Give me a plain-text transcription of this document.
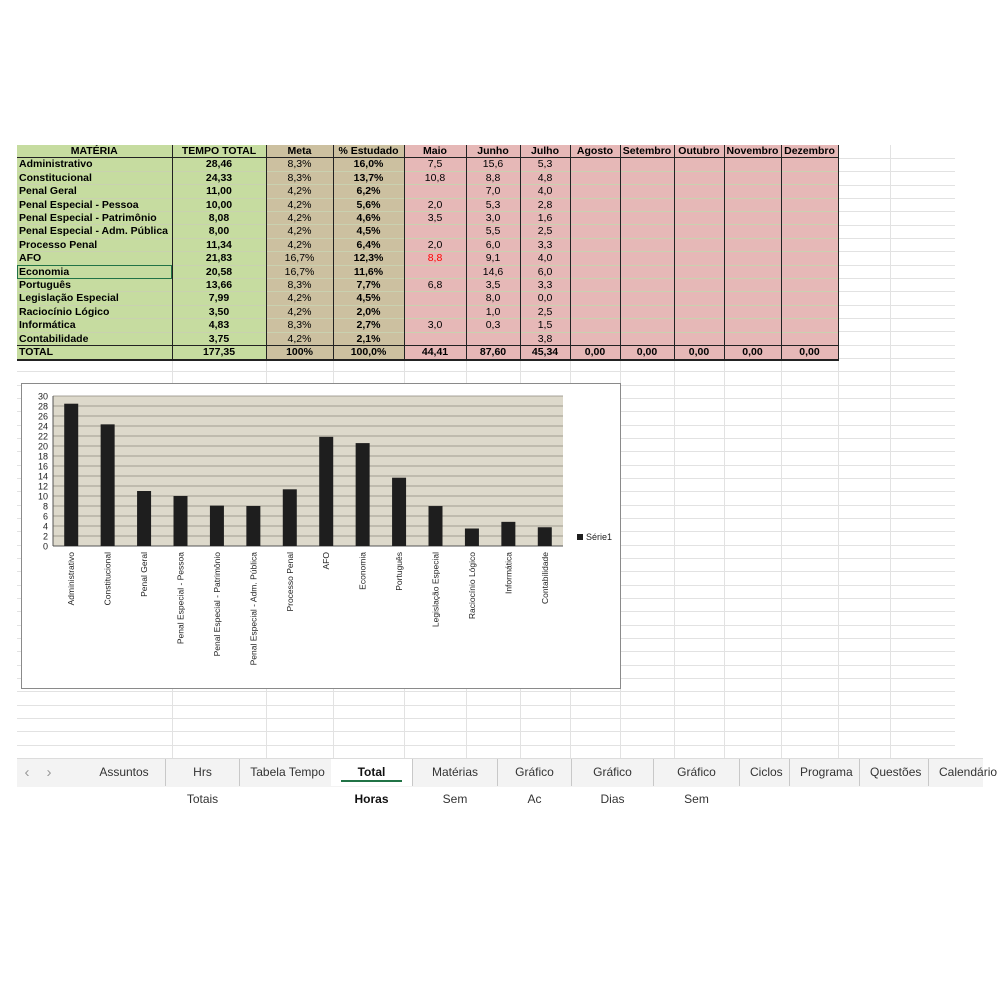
MATÉRIA	TEMPO TOTAL	Meta	% Estudado	Maio	Junho	Julho	Agosto	Setembro	Outubro	Novembro	Dezembro
Administrativo	28,46	8,3%	16,0%	7,5	15,6	5,3					
Constitucional	24,33	8,3%	13,7%	10,8	8,8	4,8					
Penal Geral	11,00	4,2%	6,2%		7,0	4,0					
Penal Especial - Pessoa	10,00	4,2%	5,6%	2,0	5,3	2,8					
Penal Especial - Patrimônio	8,08	4,2%	4,6%	3,5	3,0	1,6					
Penal Especial - Adm. Pública	8,00	4,2%	4,5%		5,5	2,5					
Processo Penal	11,34	4,2%	6,4%	2,0	6,0	3,3					
AFO	21,83	16,7%	12,3%	8,8	9,1	4,0					
Economia	20,58	16,7%	11,6%		14,6	6,0					
Português	13,66	8,3%	7,7%	6,8	3,5	3,3					
Legislação Especial	7,99	4,2%	4,5%		8,0	0,0					
Raciocínio Lógico	3,50	4,2%	2,0%		1,0	2,5					
Informática	4,83	8,3%	2,7%	3,0	0,3	1,5					
Contabilidade	3,75	4,2%	2,1%			3,8					
TOTAL	177,35	100%	100,0%	44,41	87,60	45,34	0,00	0,00	0,00	0,00	0,00
0
2
4
6
8
10
12
14
16
18
20
22
24
26
28
30
Administrativo	Constitucional	Penal Geral	Penal Especial - Pessoa	Penal Especial - Patrimônio	Penal Especial - Adm. Pública	Processo Penal	AFO	Economia	Português	Legislação Especial	Raciocínio Lógico	Informática	Contabilidade
Série1
‹	›	Assuntos	Hrs Totais
Tabela Tempo	Total Horas
Matérias Sem
Gráfico Ac
Gráfico Dias
Gráfico Sem
Ciclos	Programa	Questões	Calendário
